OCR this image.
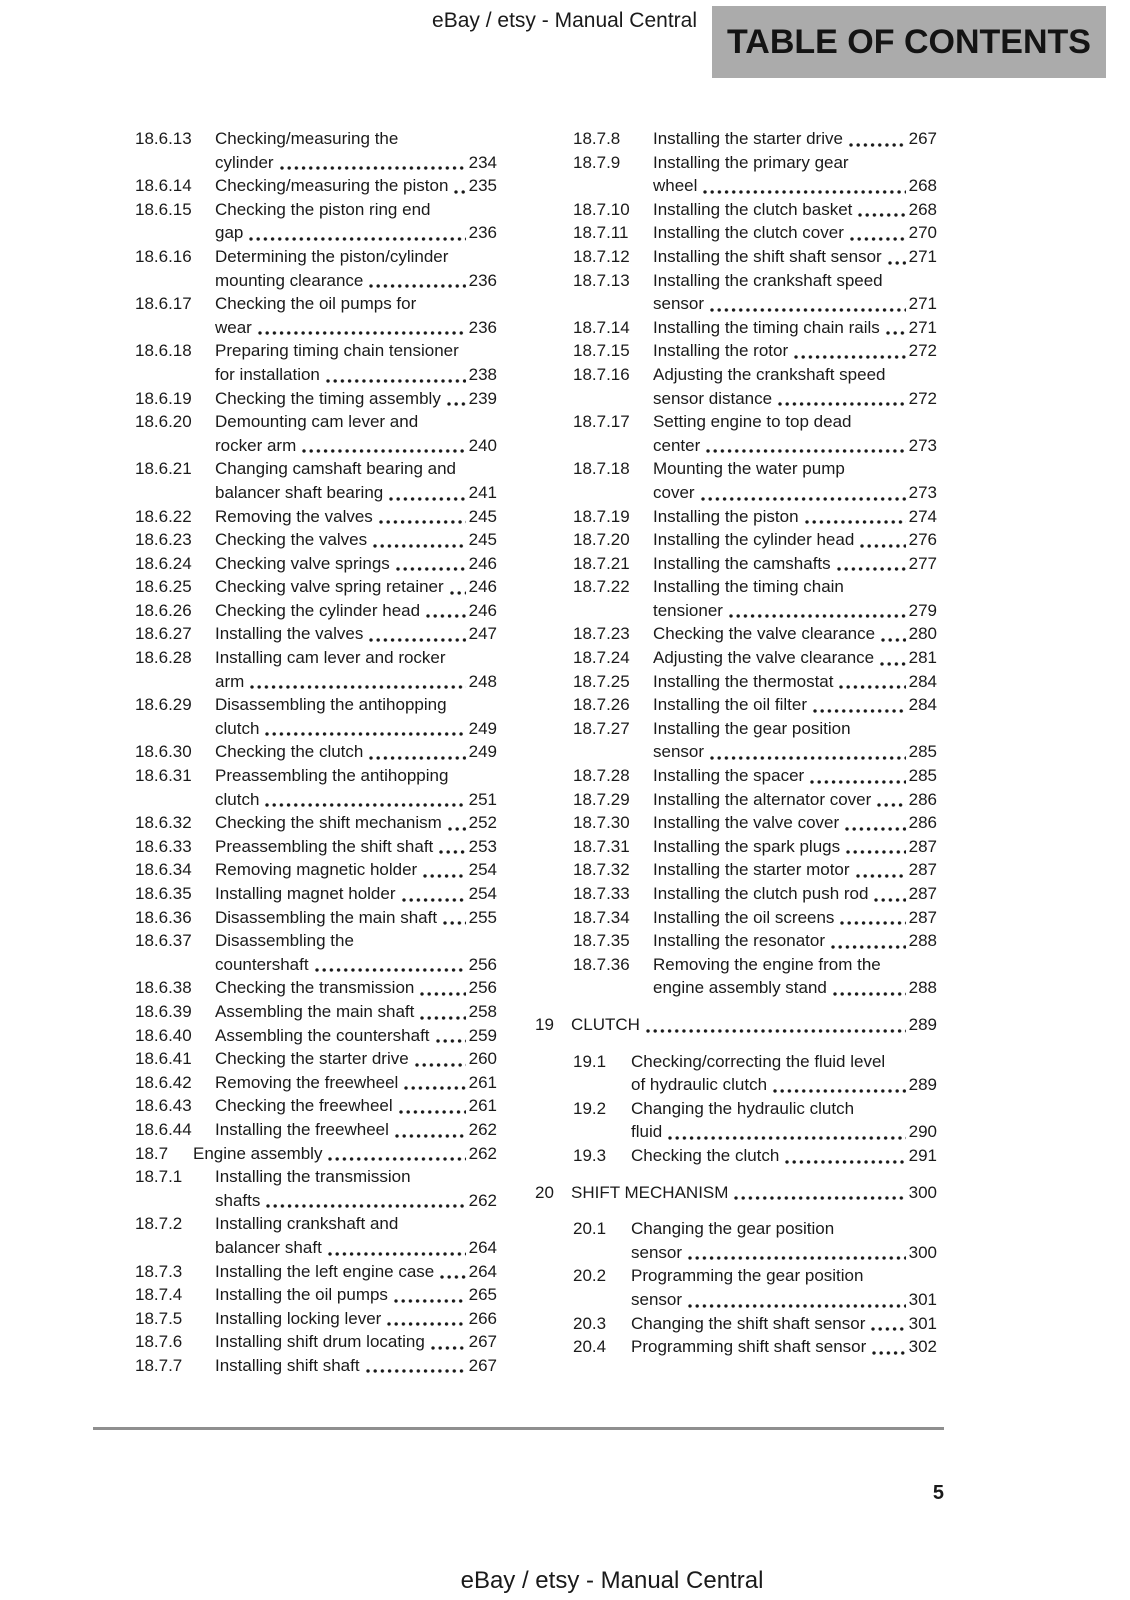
eBay / etsy - Manual Central
TABLE OF CONTENTS
18.6.13 Checking/measuring the
cylinder	234
18.6.14 Checking/measuring the piston 235
18.6.15 Checking the piston ring end
gap	236
18.6.16 Determining the piston/cylinder
mounting clearance	236
18.6.17 Checking the oil pumps for
wear	236
18.6.18 Preparing timing chain tensioner
for installation	238
18.6.19 Checking the timing assembly 239
18.6.20 Demounting cam lever and
rocker arm	240
18.6.21 Changing camshaft bearing and
balancer shaft bearing	241
18.6.22 Removing the valves	245
18.6.23 Checking the valves	245
18.6.24 Checking valve springs	246
18.6.25 Checking valve spring retainer 246
18.6.26 Checking the cylinder head	246
18.6.27 Installing the valves	247
18.6.28 Installing cam lever and rocker
arm	248
18.6.29 Disassembling the antihopping
clutch	249
18.6.30 Checking the clutch	249
18.6.31 Preassembling the antihopping
clutch	251
18.6.32 Checking the shift mechanism 252
18.6.33 Preassembling the shift shaft 253
18.6.34 Removing magnetic holder	254
18.6.35 Installing magnet holder	254
18.6.36 Disassembling the main shaft 255
18.6.37 Disassembling the
countershaft	256
18.6.38 Checking the transmission	256
18.6.39 Assembling the main shaft	258
18.6.40 Assembling the countershaft 259
18.6.41 Checking the starter drive	260
18.6.42 Removing the freewheel	261
18.6.43 Checking the freewheel	261
18.6.44 Installing the freewheel	262
18.7 Engine assembly	262
18.7.1 Installing the transmission
shafts	262
18.7.2 Installing crankshaft and
balancer shaft	264
18.7.3 Installing the left engine case 264
18.7.4 Installing the oil pumps	265
18.7.5 Installing locking lever	266
18.7.6 Installing shift drum locating	267
18.7.7 Installing shift shaft	267
18.7.8 Installing the starter drive	267
18.7.9 Installing the primary gear
wheel	268
18.7.10 Installing the clutch basket	268
18.7.11 Installing the clutch cover	270
18.7.12 Installing the shift shaft sensor 271
18.7.13 Installing the crankshaft speed
sensor	271
18.7.14 Installing the timing chain rails 271
18.7.15 Installing the rotor	272
18.7.16 Adjusting the crankshaft speed
sensor distance	272
18.7.17 Setting engine to top dead
center	273
18.7.18 Mounting the water pump
cover	273
18.7.19 Installing the piston	274
18.7.20 Installing the cylinder head	276
18.7.21 Installing the camshafts	277
18.7.22 Installing the timing chain
tensioner	279
18.7.23 Checking the valve clearance 280
18.7.24 Adjusting the valve clearance 281
18.7.25 Installing the thermostat	284
18.7.26 Installing the oil filter	284
18.7.27 Installing the gear position
sensor	285
18.7.28 Installing the spacer	285
18.7.29 Installing the alternator cover 286
18.7.30 Installing the valve cover	286
18.7.31 Installing the spark plugs	287
18.7.32 Installing the starter motor	287
18.7.33 Installing the clutch push rod 287
18.7.34 Installing the oil screens	287
18.7.35 Installing the resonator	288
18.7.36 Removing the engine from the
engine assembly stand	288
19 CLUTCH	289
19.1 Checking/correcting the fluid level
of hydraulic clutch	289
19.2 Changing the hydraulic clutch
fluid	290
19.3 Checking the clutch	291
20 SHIFT MECHANISM	300
20.1 Changing the gear position
sensor	300
20.2 Programming the gear position
sensor	301
20.3 Changing the shift shaft sensor	301
20.4 Programming shift shaft sensor 302
5
eBay / etsy - Manual Central
